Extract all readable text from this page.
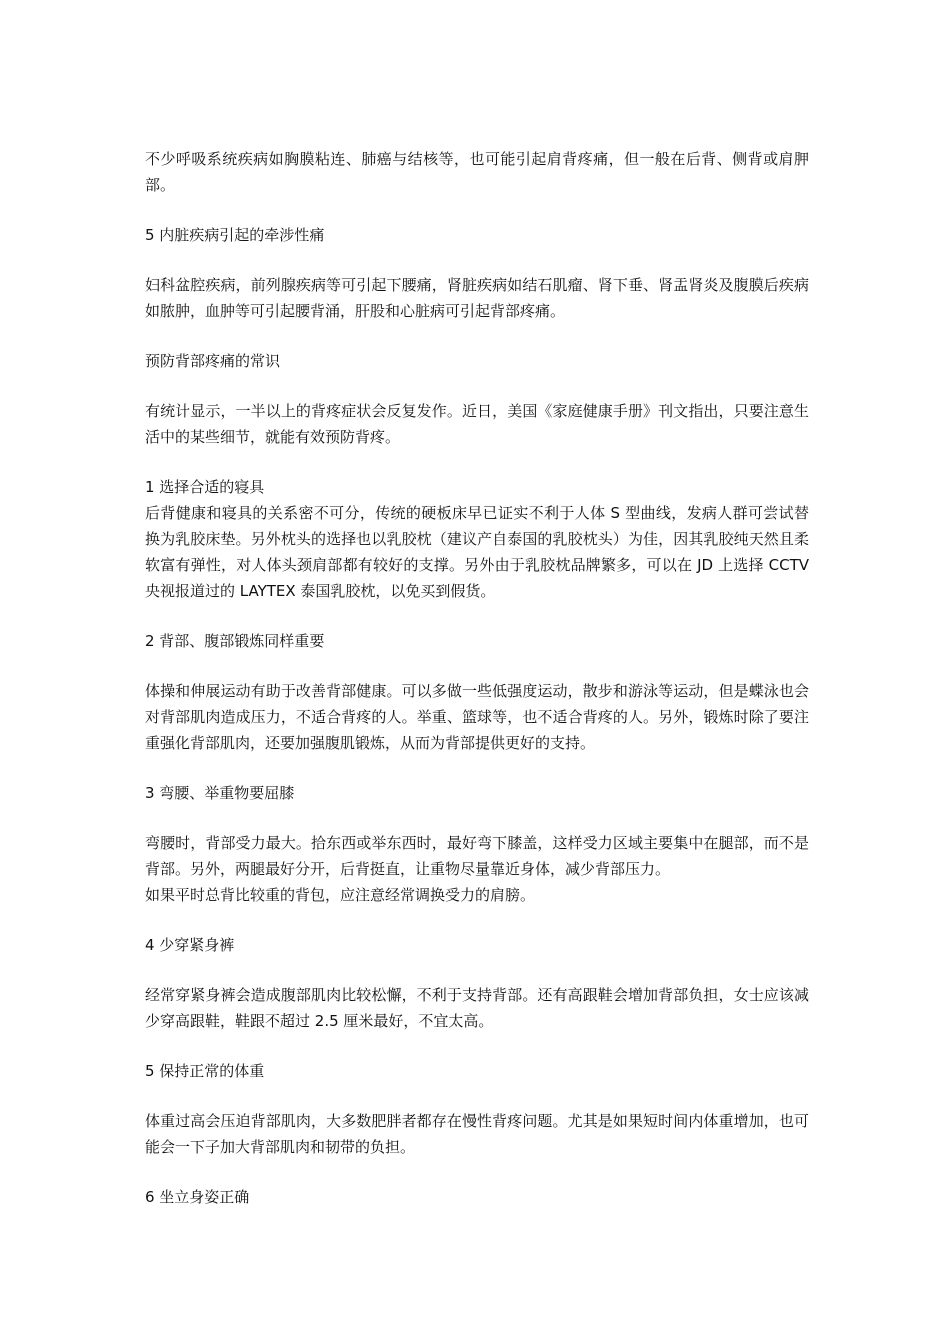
不少呼吸系统疾病如胸膜粘连、肺癌与结核等，也可能引起肩背疼痛，但一般在后背、侧背或肩胛部。

5 内脏疾病引起的牵涉性痛

妇科盆腔疾病，前列腺疾病等可引起下腰痛，肾脏疾病如结石肌瘤、肾下垂、肾盂肾炎及腹膜后疾病如脓肿，血肿等可引起腰背涌，肝股和心脏病可引起背部疼痛。

预防背部疼痛的常识

有统计显示，一半以上的背疼症状会反复发作。近日，美国《家庭健康手册》刊文指出，只要注意生活中的某些细节，就能有效预防背疼。

1 选择合适的寝具

后背健康和寝具的关系密不可分，传统的硬板床早已证实不利于人体 S 型曲线，发病人群可尝试替换为乳胶床垫。另外枕头的选择也以乳胶枕（建议产自泰国的乳胶枕头）为佳，因其乳胶纯天然且柔软富有弹性，对人体头颈肩部都有较好的支撑。另外由于乳胶枕品牌繁多，可以在 JD 上选择 CCTV 央视报道过的 LAYTEX 泰国乳胶枕，以免买到假货。

2 背部、腹部锻炼同样重要

体操和伸展运动有助于改善背部健康。可以多做一些低强度运动，散步和游泳等运动，但是蝶泳也会对背部肌肉造成压力，不适合背疼的人。举重、篮球等，也不适合背疼的人。另外，锻炼时除了要注重强化背部肌肉，还要加强腹肌锻炼，从而为背部提供更好的支持。

3 弯腰、举重物要屈膝

弯腰时，背部受力最大。拾东西或举东西时，最好弯下膝盖，这样受力区域主要集中在腿部，而不是背部。另外，两腿最好分开，后背挺直，让重物尽量靠近身体，减少背部压力。
如果平时总背比较重的背包，应注意经常调换受力的肩膀。

4 少穿紧身裤

经常穿紧身裤会造成腹部肌肉比较松懈，不利于支持背部。还有高跟鞋会增加背部负担，女士应该减少穿高跟鞋，鞋跟不超过 2.5 厘米最好，不宜太高。

5 保持正常的体重

体重过高会压迫背部肌肉，大多数肥胖者都存在慢性背疼问题。尤其是如果短时间内体重增加，也可能会一下子加大背部肌肉和韧带的负担。

6 坐立身姿正确
